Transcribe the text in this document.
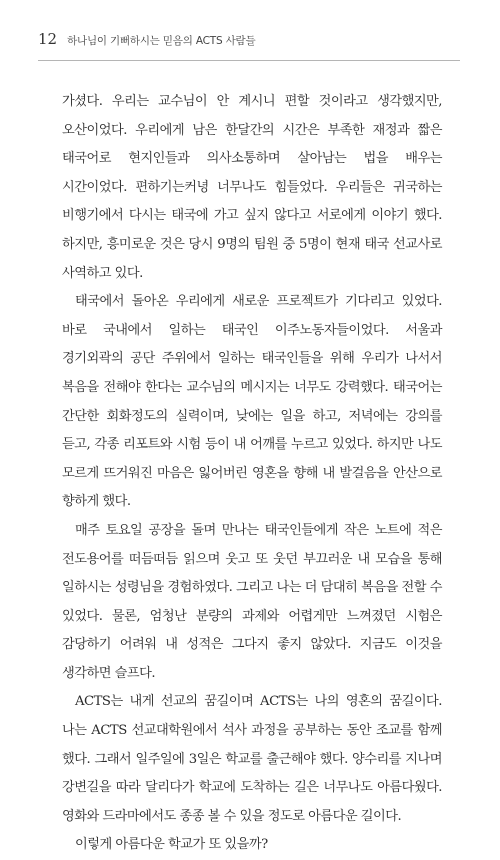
12 하나님이 기뻐하시는 믿음의 ACTS 사람들

가셨다. 우리는 교수님이 안 계시니 편할 것이라고 생각했지만, 오산이었다. 우리에게 남은 한달간의 시간은 부족한 재정과 짧은 태국어로 현지인들과 의사소통하며 살아남는 법을 배우는 시간이었다. 편하기는커녕 너무나도 힘들었다. 우리들은 귀국하는 비행기에서 다시는 태국에 가고 싶지 않다고 서로에게 이야기 했다. 하지만, 흥미로운 것은 당시 9명의 팀원 중 5명이 현재 태국 선교사로 사역하고 있다.

태국에서 돌아온 우리에게 새로운 프로젝트가 기다리고 있었다. 바로 국내에서 일하는 태국인 이주노동자들이었다. 서울과 경기외곽의 공단 주위에서 일하는 태국인들을 위해 우리가 나서서 복음을 전해야 한다는 교수님의 메시지는 너무도 강력했다. 태국어는 간단한 회화정도의 실력이며, 낮에는 일을 하고, 저녁에는 강의를 듣고, 각종 리포트와 시험 등이 내 어깨를 누르고 있었다. 하지만 나도 모르게 뜨거워진 마음은 잃어버린 영혼을 향해 내 발걸음을 안산으로 향하게 했다.

매주 토요일 공장을 돌며 만나는 태국인들에게 작은 노트에 적은 전도용어를 떠듬떠듬 읽으며 웃고 또 웃던 부끄러운 내 모습을 통해 일하시는 성령님을 경험하였다. 그리고 나는 더 담대히 복음을 전할 수 있었다. 물론, 엄청난 분량의 과제와 어렵게만 느껴졌던 시험은 감당하기 어려워 내 성적은 그다지 좋지 않았다. 지금도 이것을 생각하면 슬프다.

ACTS는 내게 선교의 꿈길이며 ACTS는 나의 영혼의 꿈길이다. 나는 ACTS 선교대학원에서 석사 과정을 공부하는 동안 조교를 함께 했다. 그래서 일주일에 3일은 학교를 출근해야 했다. 양수리를 지나며 강변길을 따라 달리다가 학교에 도착하는 길은 너무나도 아름다웠다. 영화와 드라마에서도 종종 볼 수 있을 정도로 아름다운 길이다.

이렇게 아름다운 학교가 또 있을까?
